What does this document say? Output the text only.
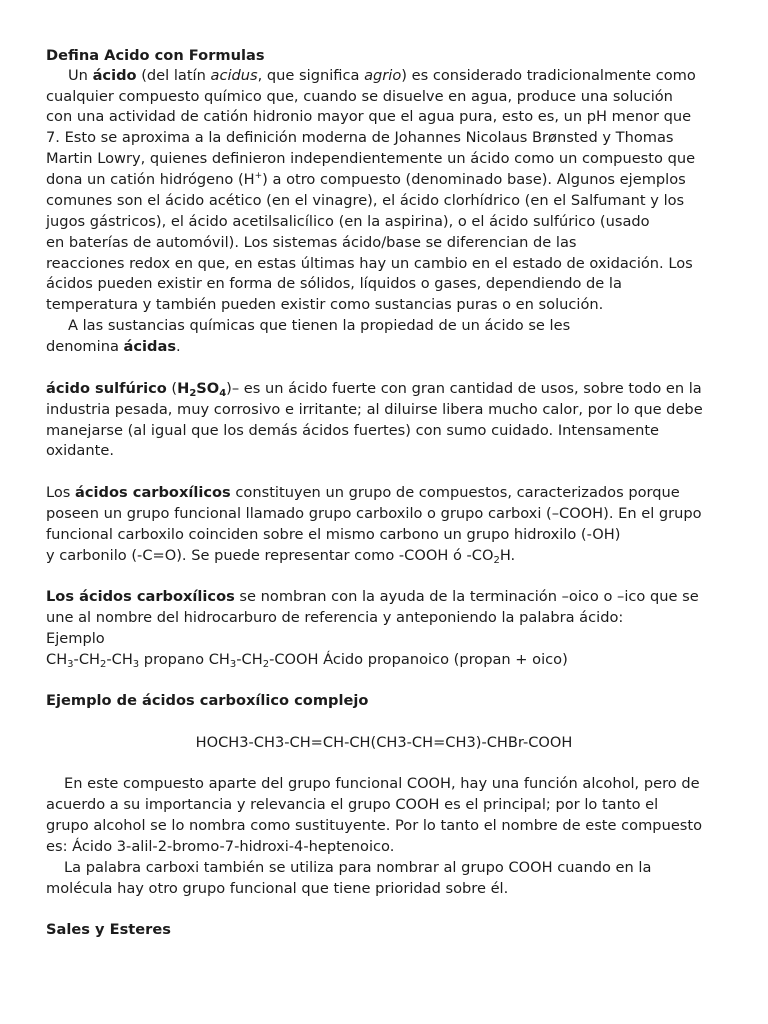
Defina Acido con Formulas
Un ácido (del latín acidus, que significa agrio) es considerado tradicionalmente como
cualquier compuesto químico que, cuando se disuelve en agua, produce una solución
con una actividad de catión hidronio mayor que el agua pura, esto es, un pH menor que
7. Esto se aproxima a la definición moderna de Johannes Nicolaus Brønsted y Thomas
Martin Lowry, quienes definieron independientemente un ácido como un compuesto que
dona un catión hidrógeno (H+) a otro compuesto (denominado base). Algunos ejemplos
comunes son el ácido acético (en el vinagre), el ácido clorhídrico (en el Salfumant y los
jugos gástricos), el ácido acetilsalicílico (en la aspirina), o el ácido sulfúrico (usado
en baterías de automóvil). Los sistemas ácido/base se diferencian de las
reacciones redox en que, en estas últimas hay un cambio en el estado de oxidación. Los
ácidos pueden existir en forma de sólidos, líquidos o gases, dependiendo de la
temperatura y también pueden existir como sustancias puras o en solución.
A las sustancias químicas que tienen la propiedad de un ácido se les
denomina ácidas.
ácido sulfúrico $(H_2SO_4)-$ es un ácido fuerte con gran cantidad de usos, sobre todo en la
industria pesada, muy corrosivo e irritante; al diluirse libera mucho calor, por lo que debe
manejarse (al igual que los demás ácidos fuertes) con sumo cuidado. Intensamente
oxidante.
Los ácidos carboxílicos constituyen un grupo de compuestos, caracterizados porque
poseen un grupo funcional llamado grupo carboxilo o grupo carboxi (–COOH). En el grupo
funcional carboxilo coinciden sobre el mismo carbono un grupo hidroxilo (-OH)
y carbonilo (-C=O). Se puede representar como -COOH ó $-CO_2H$.
Los ácidos carboxílicos se nombran con la ayuda de la terminación –oico o –ico que se
une al nombre del hidrocarburo de referencia y anteponiendo la palabra ácido:
Ejemplo
$CH_3-CH_2-CH_3$ propano $CH_3-CH_2$-COOH Ácido propanoico (propan + oico)
Ejemplo de ácidos carboxílico complejo
HOCH3-CH3-CH=CH-CH(CH3-CH=CH3)-CHBr-COOH
En este compuesto aparte del grupo funcional COOH, hay una función alcohol, pero de
acuerdo a su importancia y relevancia el grupo COOH es el principal; por lo tanto el
grupo alcohol se lo nombra como sustituyente. Por lo tanto el nombre de este compuesto
es: Ácido 3-alil-2-bromo-7-hidroxi-4-heptenoico.
La palabra carboxi también se utiliza para nombrar al grupo COOH cuando en la
molécula hay otro grupo funcional que tiene prioridad sobre él.
Sales y Esteres
